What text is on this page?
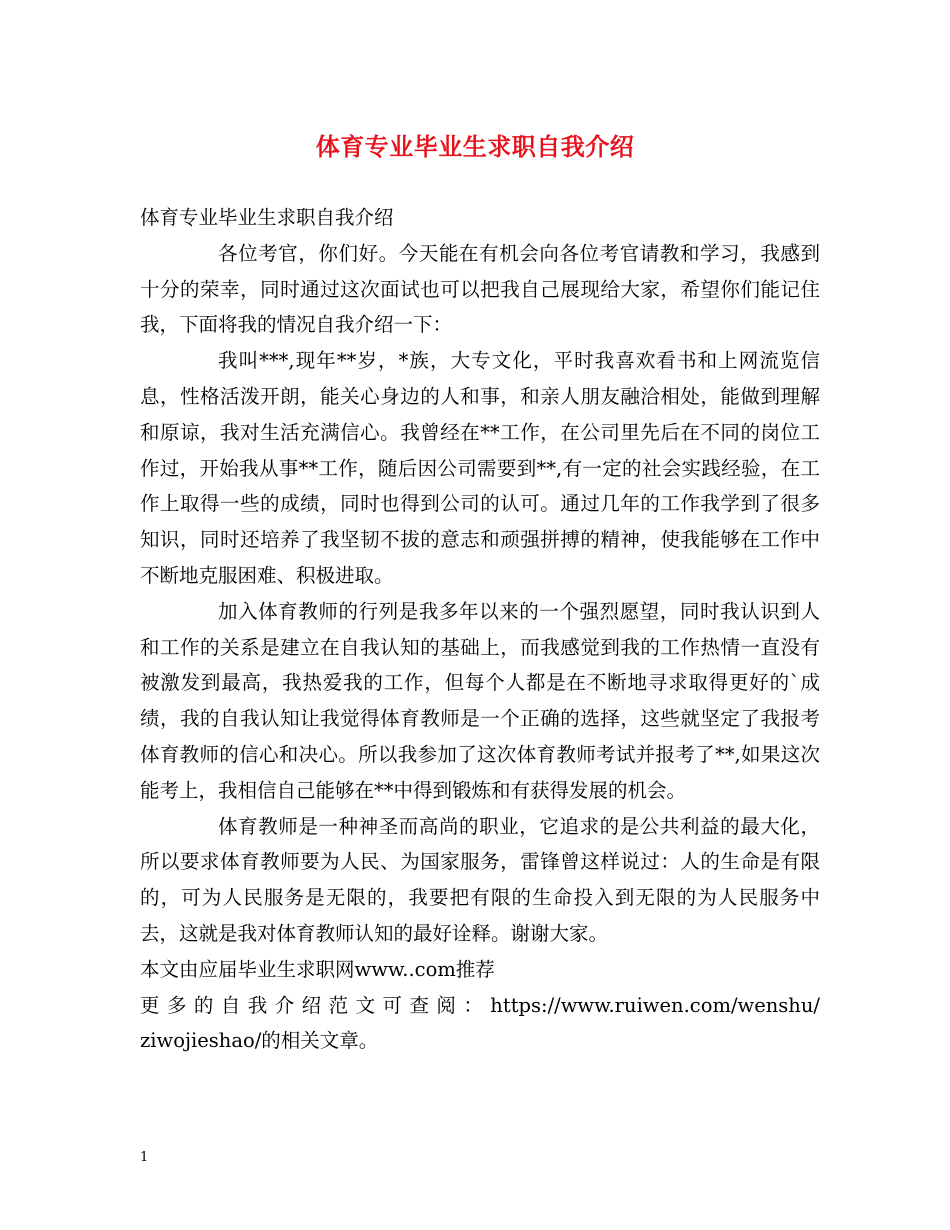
体育专业毕业生求职自我介绍

体育专业毕业生求职自我介绍

各位考官，你们好。今天能在有机会向各位考官请教和学习，我感到十分的荣幸，同时通过这次面试也可以把我自己展现给大家，希望你们能记住我，下面将我的情况自我介绍一下：

我叫***,现年**岁，*族，大专文化，平时我喜欢看书和上网流览信息，性格活泼开朗，能关心身边的人和事，和亲人朋友融洽相处，能做到理解和原谅，我对生活充满信心。我曾经在**工作，在公司里先后在不同的岗位工作过，开始我从事**工作，随后因公司需要到**,有一定的社会实践经验，在工作上取得一些的成绩，同时也得到公司的认可。通过几年的工作我学到了很多知识，同时还培养了我坚韧不拔的意志和顽强拼搏的精神，使我能够在工作中不断地克服困难、积极进取。

加入体育教师的行列是我多年以来的一个强烈愿望，同时我认识到人和工作的关系是建立在自我认知的基础上，而我感觉到我的工作热情一直没有被激发到最高，我热爱我的工作，但每个人都是在不断地寻求取得更好的`成绩，我的自我认知让我觉得体育教师是一个正确的选择，这些就坚定了我报考体育教师的信心和决心。所以我参加了这次体育教师考试并报考了**,如果这次能考上，我相信自己能够在**中得到锻炼和有获得发展的机会。

体育教师是一种神圣而高尚的职业，它追求的是公共利益的最大化，所以要求体育教师要为人民、为国家服务，雷锋曾这样说过：人的生命是有限的，可为人民服务是无限的，我要把有限的生命投入到无限的为人民服务中去，这就是我对体育教师认知的最好诠释。谢谢大家。

本文由应届毕业生求职网www..com推荐

更多的自我介绍范文可查阅：https://www.ruiwen.com/wenshu/

ziwojieshao/的相关文章。

1
